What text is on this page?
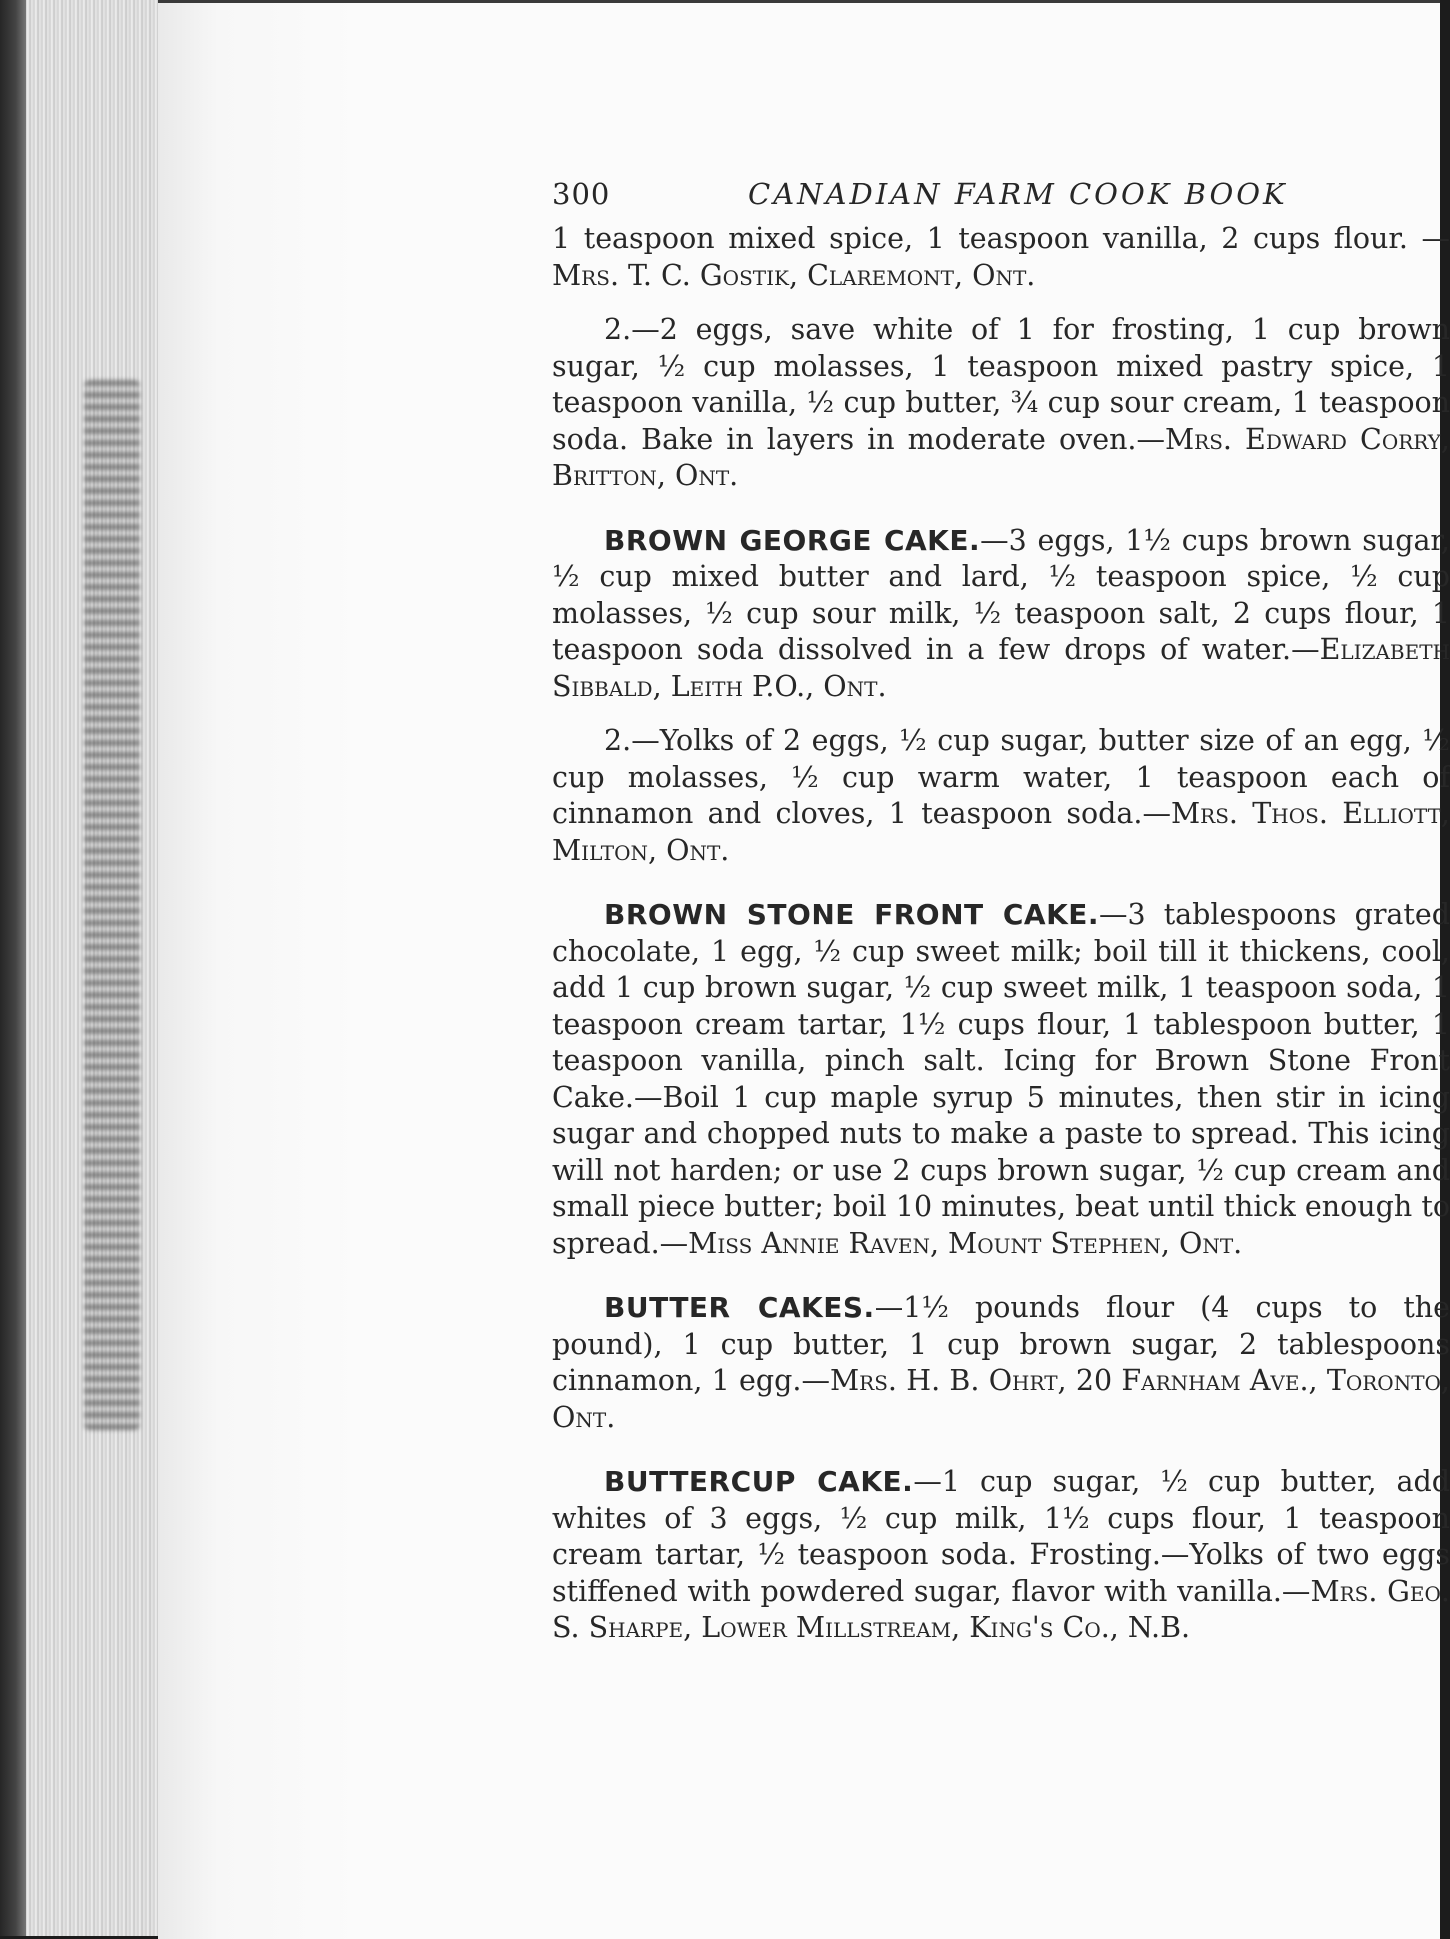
300	CANADIAN FARM COOK BOOK

1 teaspoon mixed spice, 1 teaspoon vanilla, 2 cups flour. —Mrs. T. C. Gostik, Claremont, Ont.

2.—2 eggs, save white of 1 for frosting, 1 cup brown sugar, ½ cup molasses, 1 teaspoon mixed pastry spice, 1 teaspoon vanilla, ½ cup butter, ¾ cup sour cream, 1 teaspoon soda. Bake in layers in moderate oven.—Mrs. Edward Corry, Britton, Ont.

BROWN GEORGE CAKE.—3 eggs, 1½ cups brown sugar, ½ cup mixed butter and lard, ½ teaspoon spice, ½ cup molasses, ½ cup sour milk, ½ teaspoon salt, 2 cups flour, 1 teaspoon soda dissolved in a few drops of water.—Elizabeth Sibbald, Leith P.O., Ont.

2.—Yolks of 2 eggs, ½ cup sugar, butter size of an egg, ½ cup molasses, ½ cup warm water, 1 teaspoon each of cinnamon and cloves, 1 teaspoon soda.—Mrs. Thos. Elliott, Milton, Ont.

BROWN STONE FRONT CAKE.—3 tablespoons grated chocolate, 1 egg, ½ cup sweet milk; boil till it thickens, cool, add 1 cup brown sugar, ½ cup sweet milk, 1 teaspoon soda, 1 teaspoon cream tartar, 1½ cups flour, 1 tablespoon butter, 1 teaspoon vanilla, pinch salt. Icing for Brown Stone Front Cake.—Boil 1 cup maple syrup 5 minutes, then stir in icing sugar and chopped nuts to make a paste to spread. This icing will not harden; or use 2 cups brown sugar, ½ cup cream and small piece butter; boil 10 minutes, beat until thick enough to spread.—Miss Annie Raven, Mount Stephen, Ont.

BUTTER CAKES.—1½ pounds flour (4 cups to the pound), 1 cup butter, 1 cup brown sugar, 2 tablespoons cinnamon, 1 egg.—Mrs. H. B. Ohrt, 20 Farnham Ave., Toronto, Ont.

BUTTERCUP CAKE.—1 cup sugar, ½ cup butter, add whites of 3 eggs, ½ cup milk, 1½ cups flour, 1 teaspoon cream tartar, ½ teaspoon soda. Frosting.—Yolks of two eggs stiffened with powdered sugar, flavor with vanilla.—Mrs. Geo. S. Sharpe, Lower Millstream, King's Co., N.B.
